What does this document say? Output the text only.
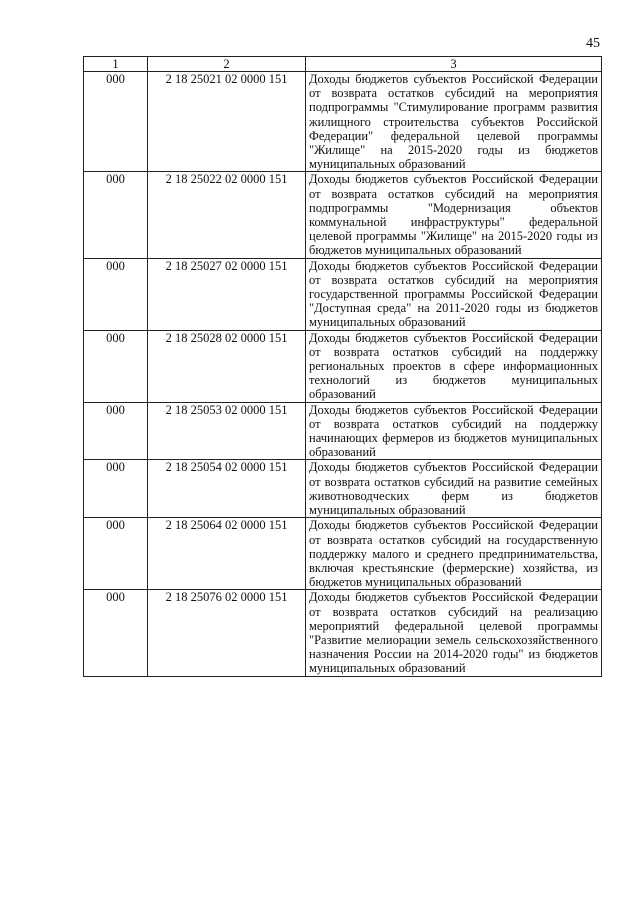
45
1	2	3
000	2 18 25021 02 0000 151	Доходы бюджетов субъектов Российской Федерации от возврата остатков субсидий на мероприятия подпрограммы "Стимулирование программ развития жилищного строительства субъектов Российской Федерации" федеральной целевой программы "Жилище" на 2015-2020 годы из бюджетов муниципальных образований
000	2 18 25022 02 0000 151	Доходы бюджетов субъектов Российской Федерации от возврата остатков субсидий на мероприятия подпрограммы "Модернизация объектов коммунальной инфраструктуры" федеральной целевой программы "Жилище" на 2015-2020 годы из бюджетов муниципальных образований
000	2 18 25027 02 0000 151	Доходы бюджетов субъектов Российской Федерации от возврата остатков субсидий на мероприятия государственной программы Российской Федерации "Доступная среда" на 2011-2020 годы из бюджетов муниципальных образований
000	2 18 25028 02 0000 151	Доходы бюджетов субъектов Российской Федерации от возврата остатков субсидий на поддержку региональных проектов в сфере информационных технологий из бюджетов муниципальных образований
000	2 18 25053 02 0000 151	Доходы бюджетов субъектов Российской Федерации от возврата остатков субсидий на поддержку начинающих фермеров из бюджетов муниципальных образований
000	2 18 25054 02 0000 151	Доходы бюджетов субъектов Российской Федерации от возврата остатков субсидий на развитие семейных животноводческих ферм из бюджетов муниципальных образований
000	2 18 25064 02 0000 151	Доходы бюджетов субъектов Российской Федерации от возврата остатков субсидий на государственную поддержку малого и среднего предпринимательства, включая крестьянские (фермерские) хозяйства, из бюджетов муниципальных образований
000	2 18 25076 02 0000 151	Доходы бюджетов субъектов Российской Федерации от возврата остатков субсидий на реализацию мероприятий федеральной целевой программы "Развитие мелиорации земель сельскохозяйственного назначения России на 2014-2020 годы" из бюджетов муниципальных образований
